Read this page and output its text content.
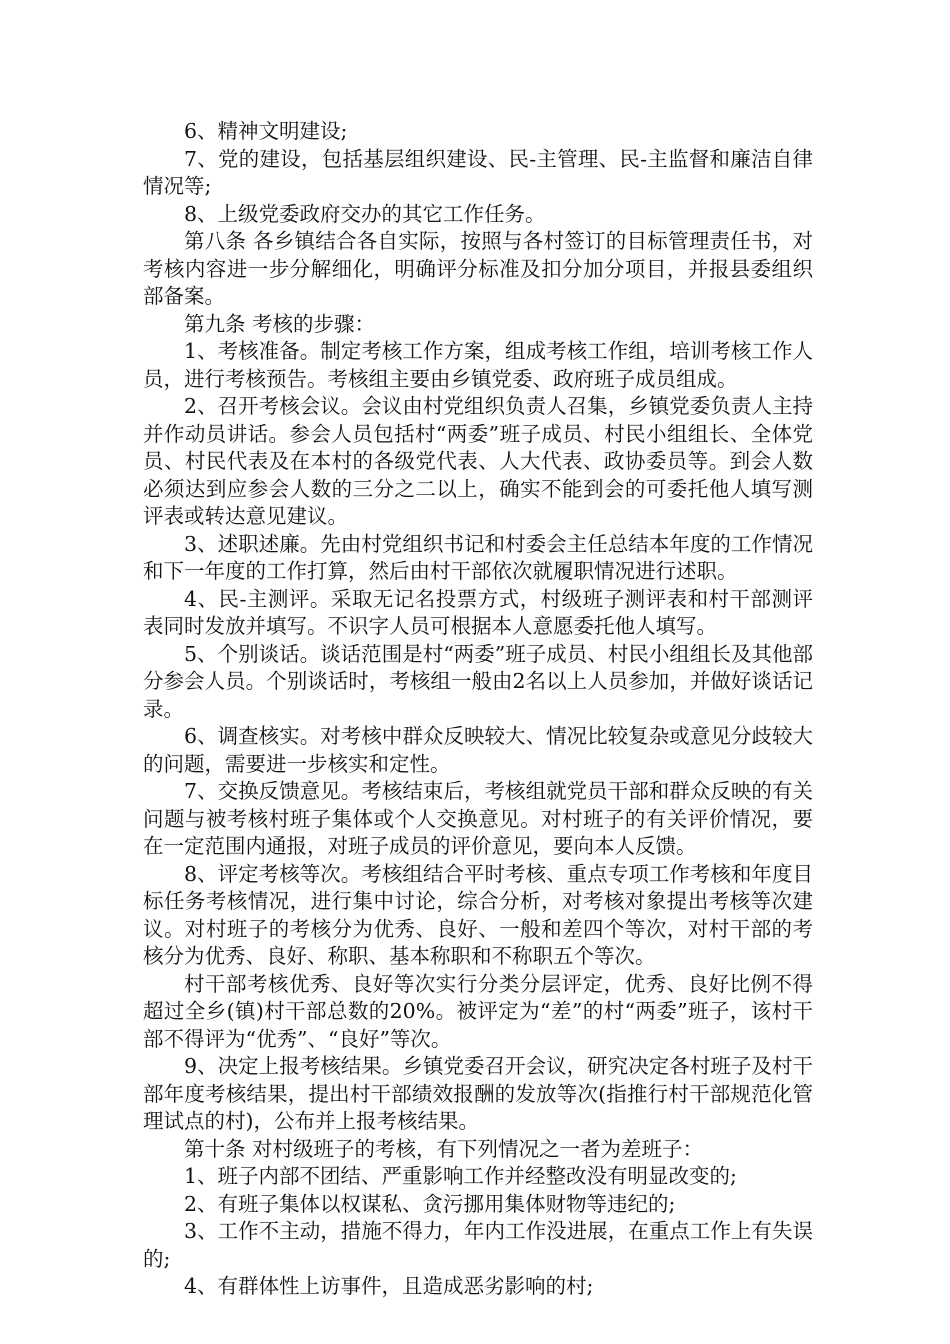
6、精神文明建设;

7、党的建设，包括基层组织建设、民-主管理、民-主监督和廉洁自律情况等;

8、上级党委政府交办的其它工作任务。

第八条 各乡镇结合各自实际，按照与各村签订的目标管理责任书，对考核内容进一步分解细化，明确评分标准及扣分加分项目，并报县委组织部备案。

第九条 考核的步骤：

1、考核准备。制定考核工作方案，组成考核工作组，培训考核工作人员，进行考核预告。考核组主要由乡镇党委、政府班子成员组成。

2、召开考核会议。会议由村党组织负责人召集，乡镇党委负责人主持并作动员讲话。参会人员包括村“两委”班子成员、村民小组组长、全体党员、村民代表及在本村的各级党代表、人大代表、政协委员等。到会人数必须达到应参会人数的三分之二以上，确实不能到会的可委托他人填写测评表或转达意见建议。

3、述职述廉。先由村党组织书记和村委会主任总结本年度的工作情况和下一年度的工作打算，然后由村干部依次就履职情况进行述职。

4、民-主测评。采取无记名投票方式，村级班子测评表和村干部测评表同时发放并填写。不识字人员可根据本人意愿委托他人填写。

5、个别谈话。谈话范围是村“两委”班子成员、村民小组组长及其他部分参会人员。个别谈话时，考核组一般由2名以上人员参加，并做好谈话记录。

6、调查核实。对考核中群众反映较大、情况比较复杂或意见分歧较大的问题，需要进一步核实和定性。

7、交换反馈意见。考核结束后，考核组就党员干部和群众反映的有关问题与被考核村班子集体或个人交换意见。对村班子的有关评价情况，要在一定范围内通报，对班子成员的评价意见，要向本人反馈。

8、评定考核等次。考核组结合平时考核、重点专项工作考核和年度目标任务考核情况，进行集中讨论，综合分析，对考核对象提出考核等次建议。对村班子的考核分为优秀、良好、一般和差四个等次，对村干部的考核分为优秀、良好、称职、基本称职和不称职五个等次。

村干部考核优秀、良好等次实行分类分层评定，优秀、良好比例不得超过全乡(镇)村干部总数的20%。被评定为“差”的村“两委”班子，该村干部不得评为“优秀”、“良好”等次。

9、决定上报考核结果。乡镇党委召开会议，研究决定各村班子及村干部年度考核结果，提出村干部绩效报酬的发放等次(指推行村干部规范化管理试点的村)，公布并上报考核结果。

第十条 对村级班子的考核，有下列情况之一者为差班子：

1、班子内部不团结、严重影响工作并经整改没有明显改变的;

2、有班子集体以权谋私、贪污挪用集体财物等违纪的;

3、工作不主动，措施不得力，年内工作没进展，在重点工作上有失误的;

4、有群体性上访事件，且造成恶劣影响的村;
